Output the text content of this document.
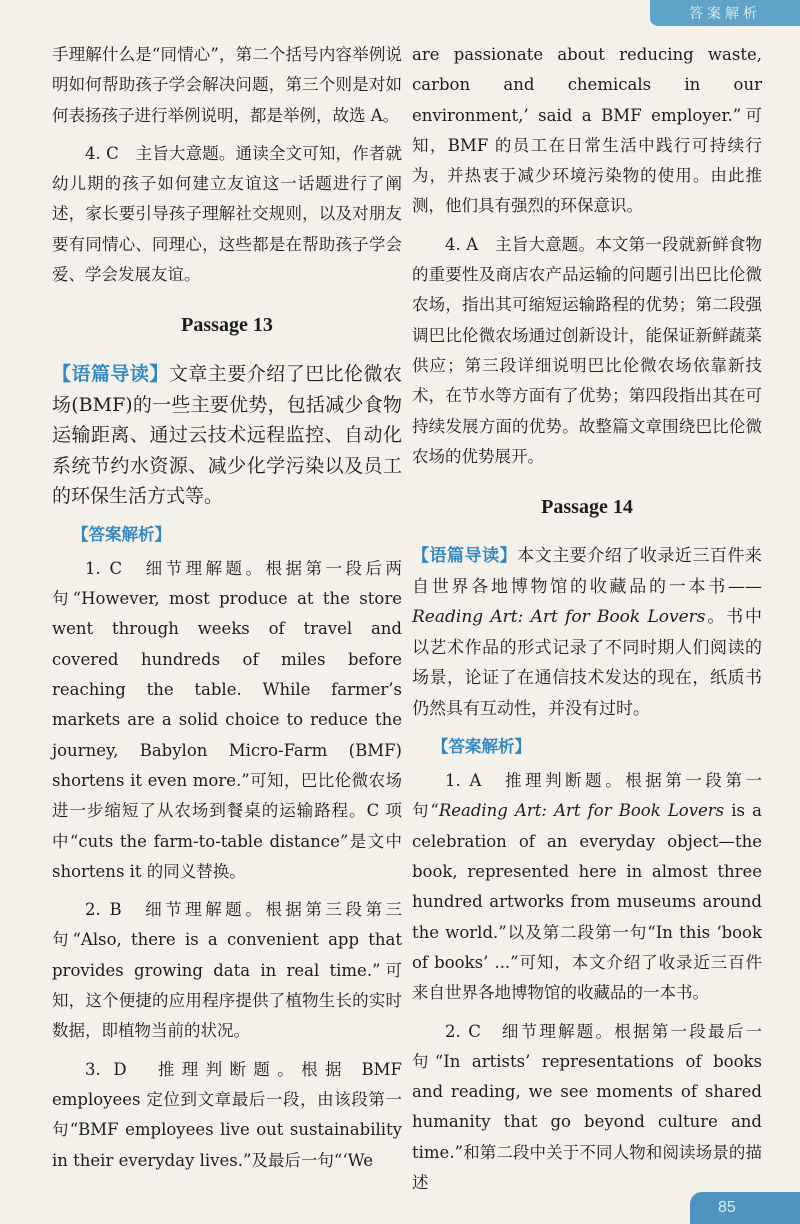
答案解析

手理解什么是“同情心”，第二个括号内容举例说明如何帮助孩子学会解决问题，第三个则是对如何表扬孩子进行举例说明，都是举例，故选 A。

4. C　主旨大意题。通读全文可知，作者就幼儿期的孩子如何建立友谊这一话题进行了阐述，家长要引导孩子理解社交规则，以及对朋友要有同情心、同理心，这些都是在帮助孩子学会爱、学会发展友谊。

Passage 13

【语篇导读】文章主要介绍了巴比伦微农场(BMF)的一些主要优势，包括减少食物运输距离、通过云技术远程监控、自动化系统节约水资源、减少化学污染以及员工的环保生活方式等。

【答案解析】

1. C　细节理解题。根据第一段后两句“However, most produce at the store went through weeks of travel and covered hundreds of miles before reaching the table. While farmer’s markets are a solid choice to reduce the journey, Babylon Micro-Farm (BMF) shortens it even more.”可知，巴比伦微农场进一步缩短了从农场到餐桌的运输路程。C 项中“cuts the farm-to-table distance”是文中 shortens it 的同义替换。

2. B　细节理解题。根据第三段第三句“Also, there is a convenient app that provides growing data in real time.”可知，这个便捷的应用程序提供了植物生长的实时数据，即植物当前的状况。

3. D　推理判断题。根据 BMF employees 定位到文章最后一段，由该段第一句“BMF employees live out sustainability in their everyday lives.”及最后一句“‘We

are passionate about reducing waste, carbon and chemicals in our environment,’ said a BMF employer.”可知，BMF 的员工在日常生活中践行可持续行为，并热衷于减少环境污染物的使用。由此推测，他们具有强烈的环保意识。

4. A　主旨大意题。本文第一段就新鲜食物的重要性及商店农产品运输的问题引出巴比伦微农场，指出其可缩短运输路程的优势；第二段强调巴比伦微农场通过创新设计，能保证新鲜蔬菜供应；第三段详细说明巴比伦微农场依靠新技术，在节水等方面有了优势；第四段指出其在可持续发展方面的优势。故整篇文章围绕巴比伦微农场的优势展开。

Passage 14

【语篇导读】本文主要介绍了收录近三百件来自世界各地博物馆的收藏品的一本书——Reading Art: Art for Book Lovers。书中以艺术作品的形式记录了不同时期人们阅读的场景，论证了在通信技术发达的现在，纸质书仍然具有互动性，并没有过时。

【答案解析】

1. A　推理判断题。根据第一段第一句“Reading Art: Art for Book Lovers is a celebration of an everyday object—the book, represented here in almost three hundred artworks from museums around the world.”以及第二段第一句“In this ‘book of books’ ...”可知，本文介绍了收录近三百件来自世界各地博物馆的收藏品的一本书。

2. C　细节理解题。根据第一段最后一句“In artists’ representations of books and reading, we see moments of shared humanity that go beyond culture and time.”和第二段中关于不同人物和阅读场景的描述

85
